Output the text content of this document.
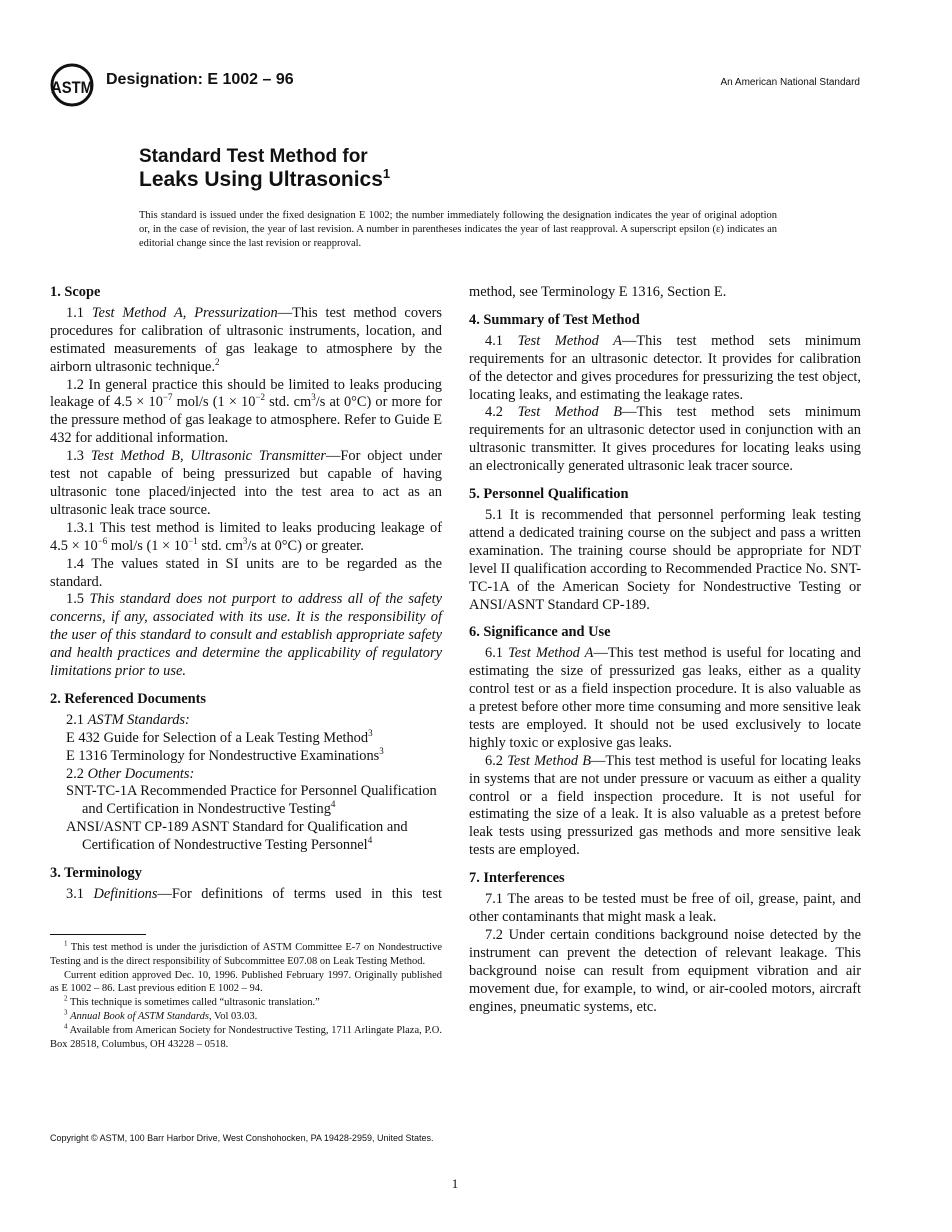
ASTM Designation: E 1002 – 96	An American National Standard
Standard Test Method for
Leaks Using Ultrasonics$^1$
This standard is issued under the fixed designation E 1002; the number immediately following the designation indicates the year of original adoption or, in the case of revision, the year of last revision. A number in parentheses indicates the year of last reapproval. A superscript epsilon (ε) indicates an editorial change since the last revision or reapproval.
1. Scope

1.1 Test Method A, Pressurization—This test method covers procedures for calibration of ultrasonic instruments, location, and estimated measurements of gas leakage to atmosphere by the airborn ultrasonic technique.$^2$

1.2 In general practice this should be limited to leaks producing leakage of $4.5 \times 10^{-7}$ mol/s ($1 \times 10^{-2}$ std. $cm^3/s$ at 0°C) or more for the pressure method of gas leakage to atmosphere. Refer to Guide E 432 for additional information.

1.3 Test Method B, Ultrasonic Transmitter—For object under test not capable of being pressurized but capable of having ultrasonic tone placed/injected into the test area to act as an ultrasonic leak trace source.

1.3.1 This test method is limited to leaks producing leakage of $4.5 \times 10^{-6}$ mol/s ($1 \times 10^{-1}$ std. $cm^3/s$ at 0°C) or greater.

1.4 The values stated in SI units are to be regarded as the standard.

1.5 This standard does not purport to address all of the safety concerns, if any, associated with its use. It is the responsibility of the user of this standard to consult and establish appropriate safety and health practices and determine the applicability of regulatory limitations prior to use.

2. Referenced Documents

2.1 ASTM Standards:

E 432 Guide for Selection of a Leak Testing Method$^3$

E 1316 Terminology for Nondestructive Examinations$^3$

2.2 Other Documents:

SNT-TC-1A Recommended Practice for Personnel Qualification and Certification in Nondestructive Testing$^4$

ANSI/ASNT CP-189 ASNT Standard for Qualification and Certification of Nondestructive Testing Personnel$^4$

3. Terminology

3.1 Definitions—For definitions of terms used in this test

method, see Terminology E 1316, Section E.

4. Summary of Test Method

4.1 Test Method A—This test method sets minimum requirements for an ultrasonic detector. It provides for calibration of the detector and gives procedures for pressurizing the test object, locating leaks, and estimating the leakage rates.

4.2 Test Method B—This test method sets minimum requirements for an ultrasonic detector used in conjunction with an ultrasonic transmitter. It gives procedures for locating leaks using an electronically generated ultrasonic leak tracer source.

5. Personnel Qualification

5.1 It is recommended that personnel performing leak testing attend a dedicated training course on the subject and pass a written examination. The training course should be appropriate for NDT level II qualification according to Recommended Practice No. SNT-TC-1A of the American Society for Nondestructive Testing or ANSI/ASNT Standard CP-189.

6. Significance and Use

6.1 Test Method A—This test method is useful for locating and estimating the size of pressurized gas leaks, either as a quality control test or as a field inspection procedure. It is also valuable as a pretest before other more time consuming and more sensitive leak tests are employed. It should not be used exclusively to locate highly toxic or explosive gas leaks.

6.2 Test Method B—This test method is useful for locating leaks in systems that are not under pressure or vacuum as either a quality control or a field inspection procedure. It is not useful for estimating the size of a leak. It is also valuable as a pretest before leak tests using pressurized gas methods and more sensitive leak tests are employed.

7. Interferences

7.1 The areas to be tested must be free of oil, grease, paint, and other contaminants that might mask a leak.

7.2 Under certain conditions background noise detected by the instrument can prevent the detection of relevant leakage. This background noise can result from equipment vibration and air movement due, for example, to wind, or air-cooled motors, aircraft engines, pneumatic systems, etc.

$^1$ This test method is under the jurisdiction of ASTM Committee E-7 on Nondestructive Testing and is the direct responsibility of Subcommittee E07.08 on Leak Testing Method.

Current edition approved Dec. 10, 1996. Published February 1997. Originally published as E 1002 – 86. Last previous edition E 1002 – 94.

$^2$ This technique is sometimes called “ultrasonic translation.”

$^3$ Annual Book of ASTM Standards, Vol 03.03.

$^4$ Available from American Society for Nondestructive Testing, 1711 Arlingate Plaza, P.O. Box 28518, Columbus, OH 43228 – 0518.

Copyright © ASTM, 100 Barr Harbor Drive, West Conshohocken, PA 19428-2959, United States.
1
